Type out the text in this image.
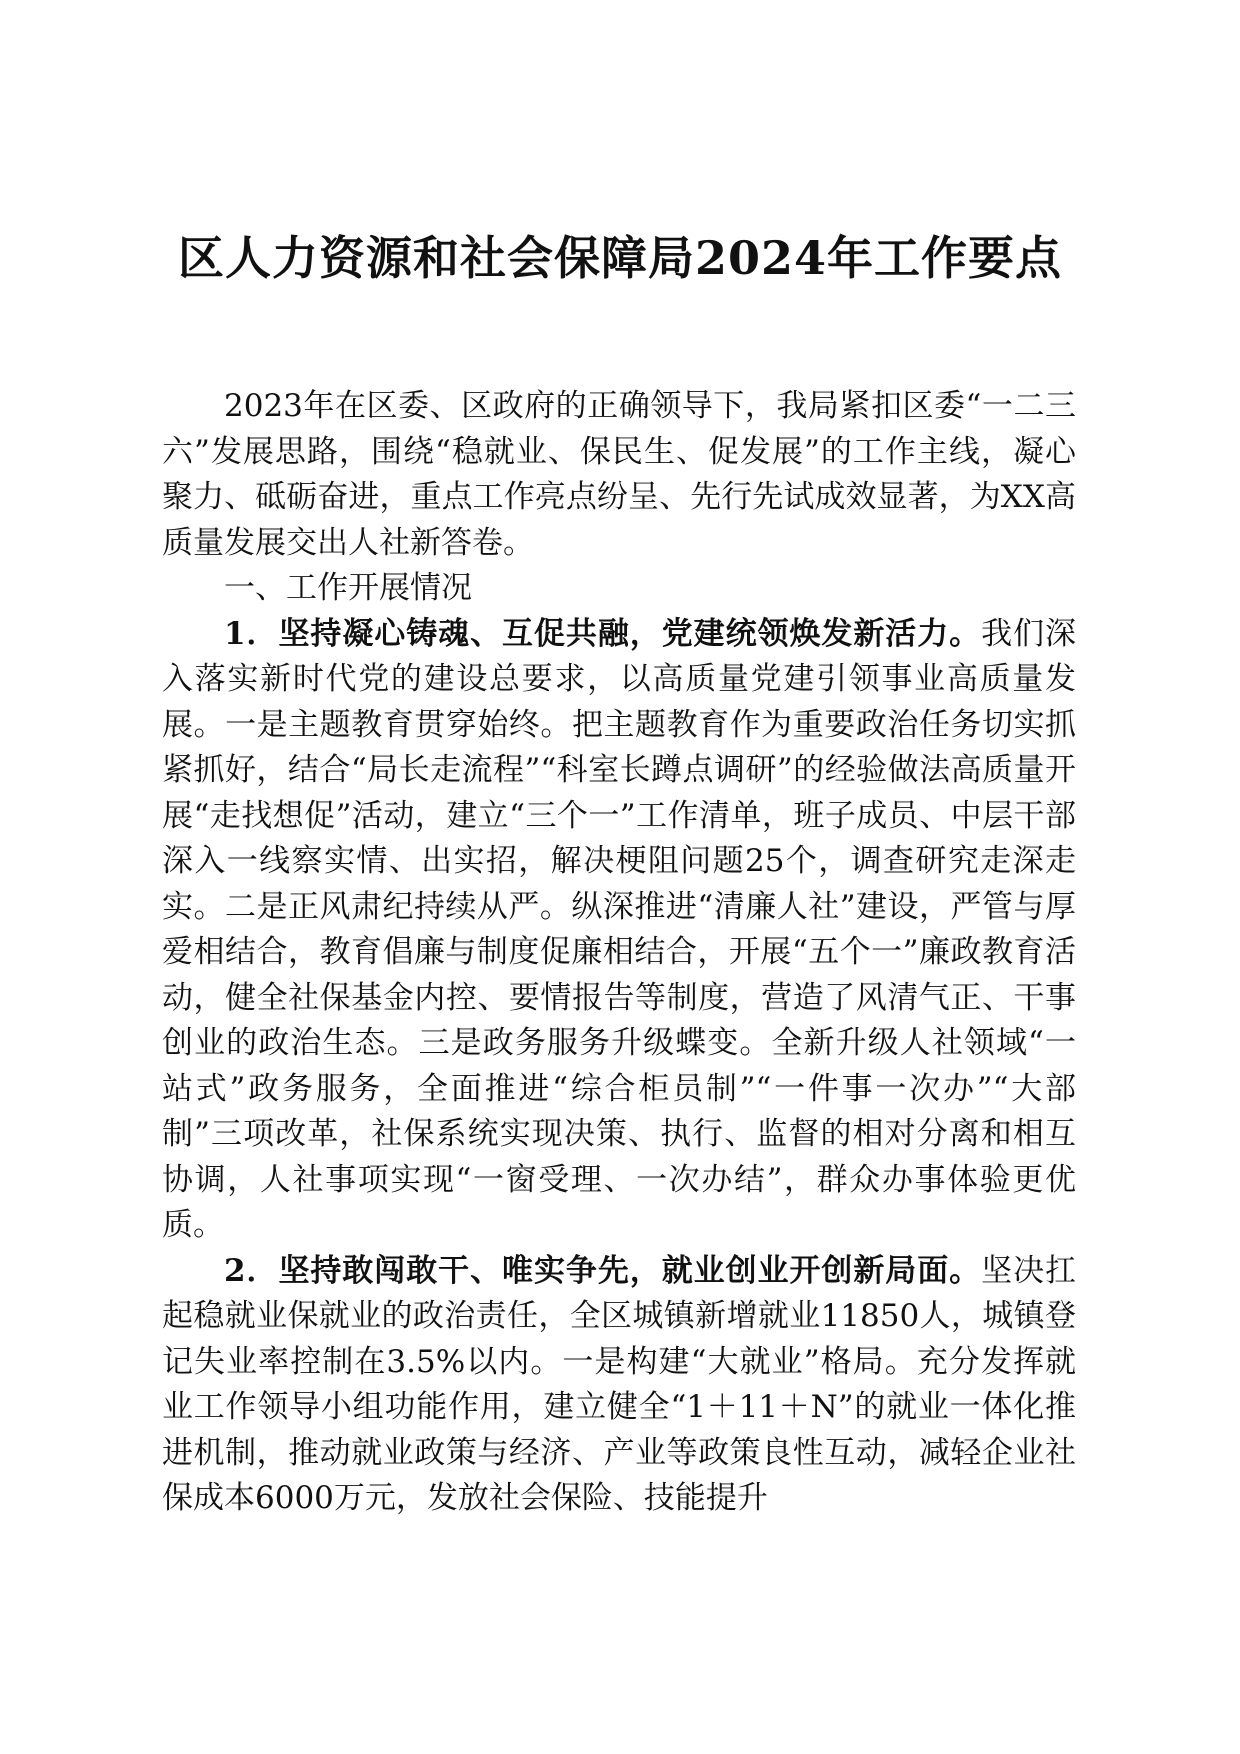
区人力资源和社会保障局2024年工作要点

2023年在区委、区政府的正确领导下，我局紧扣区委“一二三六”发展思路，围绕“稳就业、保民生、促发展”的工作主线，凝心聚力、砥砺奋进，重点工作亮点纷呈、先行先试成效显著，为XX高质量发展交出人社新答卷。

一、工作开展情况

1．坚持凝心铸魂、互促共融，党建统领焕发新活力。我们深入落实新时代党的建设总要求，以高质量党建引领事业高质量发展。一是主题教育贯穿始终。把主题教育作为重要政治任务切实抓紧抓好，结合“局长走流程”“科室长蹲点调研”的经验做法高质量开展“走找想促”活动，建立“三个一”工作清单，班子成员、中层干部深入一线察实情、出实招，解决梗阻问题25个，调查研究走深走实。二是正风肃纪持续从严。纵深推进“清廉人社”建设，严管与厚爱相结合，教育倡廉与制度促廉相结合，开展“五个一”廉政教育活动，健全社保基金内控、要情报告等制度，营造了风清气正、干事创业的政治生态。三是政务服务升级蝶变。全新升级人社领域“一站式”政务服务，全面推进“综合柜员制”“一件事一次办”“大部制”三项改革，社保系统实现决策、执行、监督的相对分离和相互协调，人社事项实现“一窗受理、一次办结”，群众办事体验更优质。

2．坚持敢闯敢干、唯实争先，就业创业开创新局面。坚决扛起稳就业保就业的政治责任，全区城镇新增就业11850人，城镇登记失业率控制在3.5%以内。一是构建“大就业”格局。充分发挥就业工作领导小组功能作用，建立健全“1＋11＋N”的就业一体化推进机制，推动就业政策与经济、产业等政策良性互动，减轻企业社保成本6000万元，发放社会保险、技能提升
